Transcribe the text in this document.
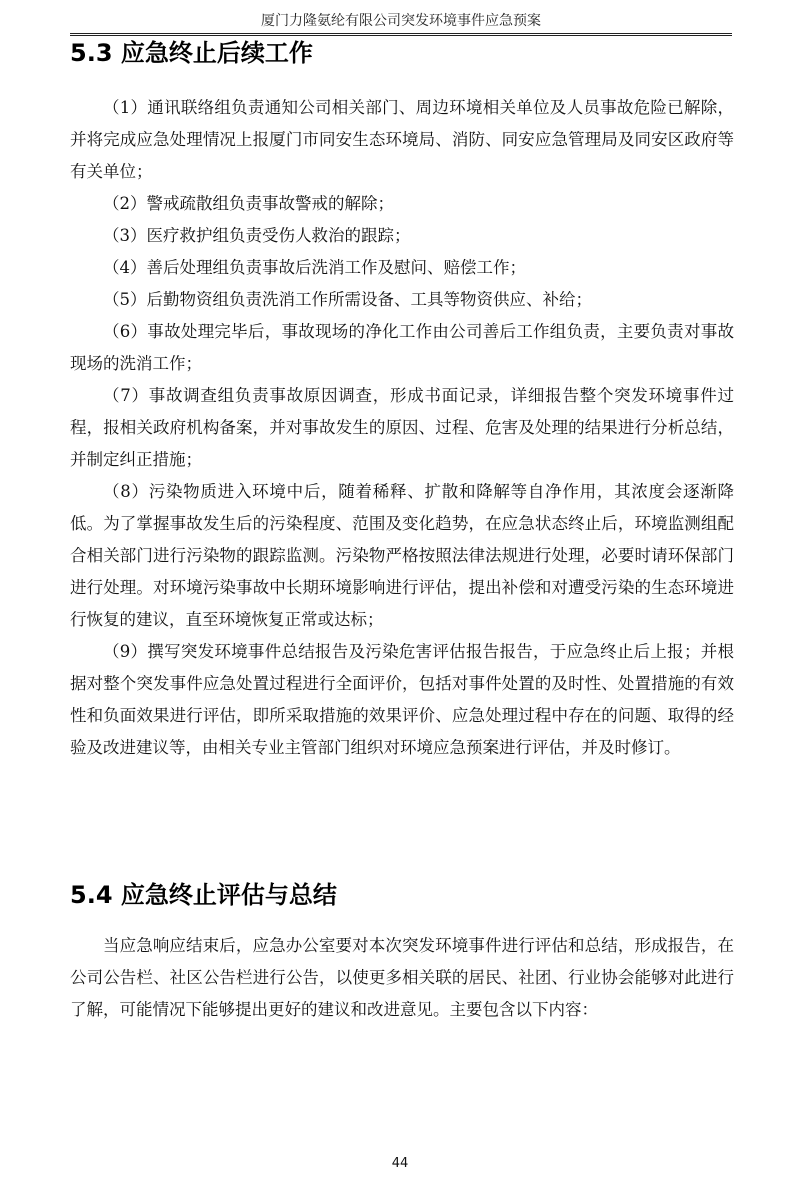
厦门力隆氨纶有限公司突发环境事件应急预案
5.3 应急终止后续工作

（1）通讯联络组负责通知公司相关部门、周边环境相关单位及人员事故危险已解除，并将完成应急处理情况上报厦门市同安生态环境局、消防、同安应急管理局及同安区政府等有关单位；

（2）警戒疏散组负责事故警戒的解除；

（3）医疗救护组负责受伤人救治的跟踪；

（4）善后处理组负责事故后洗消工作及慰问、赔偿工作；

（5）后勤物资组负责洗消工作所需设备、工具等物资供应、补给；

（6）事故处理完毕后，事故现场的净化工作由公司善后工作组负责，主要负责对事故现场的洗消工作；

（7）事故调查组负责事故原因调查，形成书面记录，详细报告整个突发环境事件过程，报相关政府机构备案，并对事故发生的原因、过程、危害及处理的结果进行分析总结，并制定纠正措施；

（8）污染物质进入环境中后，随着稀释、扩散和降解等自净作用，其浓度会逐渐降低。为了掌握事故发生后的污染程度、范围及变化趋势，在应急状态终止后，环境监测组配合相关部门进行污染物的跟踪监测。污染物严格按照法律法规进行处理，必要时请环保部门进行处理。对环境污染事故中长期环境影响进行评估，提出补偿和对遭受污染的生态环境进行恢复的建议，直至环境恢复正常或达标；

（9）撰写突发环境事件总结报告及污染危害评估报告报告，于应急终止后上报；并根据对整个突发事件应急处置过程进行全面评价，包括对事件处置的及时性、处置措施的有效性和负面效果进行评估，即所采取措施的效果评价、应急处理过程中存在的问题、取得的经验及改进建议等，由相关专业主管部门组织对环境应急预案进行评估，并及时修订。

5.4 应急终止评估与总结

当应急响应结束后，应急办公室要对本次突发环境事件进行评估和总结，形成报告，在公司公告栏、社区公告栏进行公告，以使更多相关联的居民、社团、行业协会能够对此进行了解，可能情况下能够提出更好的建议和改进意见。主要包含以下内容：

44
